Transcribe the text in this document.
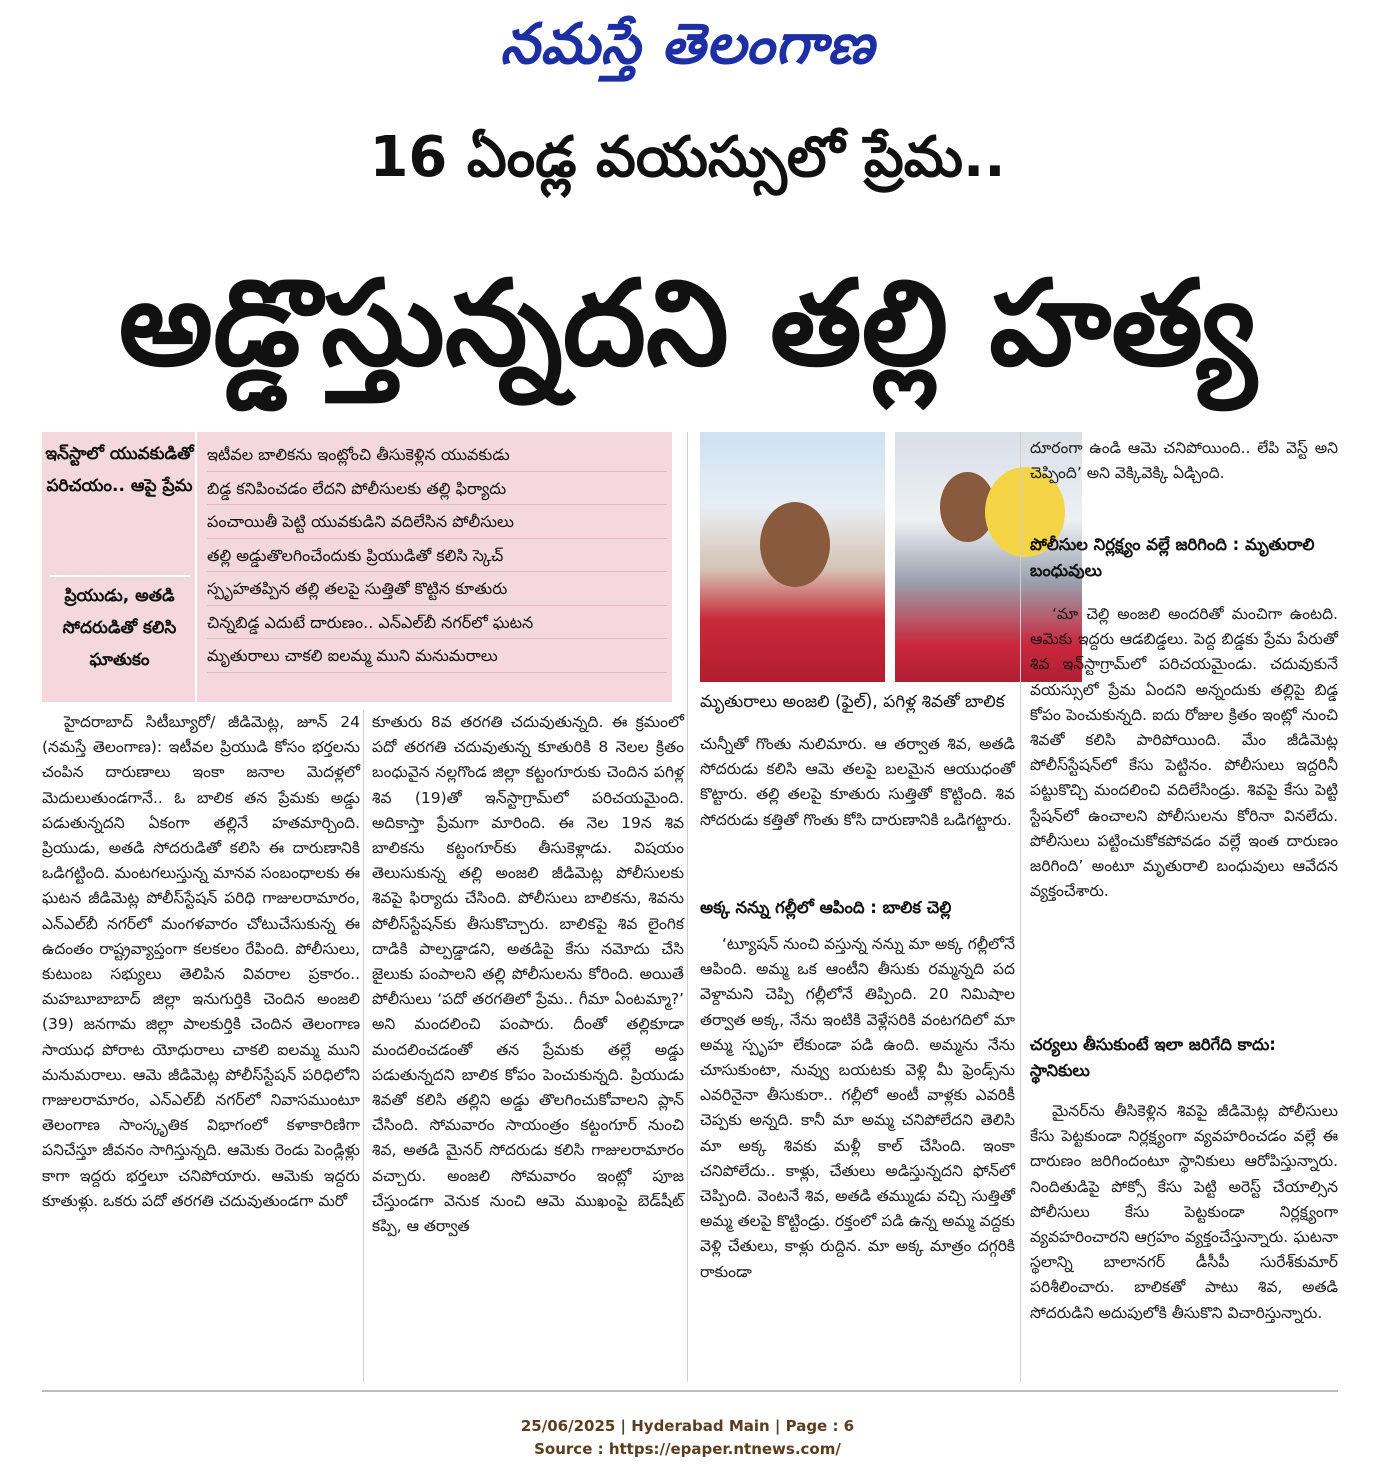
నమస్తే తెలంగాణ
16 ఏండ్ల వయస్సులో ప్రేమ..
అడ్డొస్తున్నదని తల్లి హత్య
ఇన్‌స్టాలో యువకుడితో పరిచయం.. ఆపై ప్రేమ
ప్రియుడు, అతడి సోదరుడితో కలిసి ఘాతుకం
ఇటీవల బాలికను ఇంట్లోంచి తీసుకెళ్లిన యువకుడు
బిడ్డ కనిపించడం లేదని పోలీసులకు తల్లి ఫిర్యాదు
పంచాయితీ పెట్టి యువకుడిని వదిలేసిన పోలీసులు
తల్లి అడ్డుతొలగించేందుకు ప్రియుడితో కలిసి స్కెచ్
స్పృహతప్పిన తల్లి తలపై సుత్తితో కొట్టిన కూతురు
చిన్నబిడ్డ ఎదుటే దారుణం.. ఎన్‌ఎల్‌బీ నగర్‌లో ఘటన
మృతురాలు చాకలి ఐలమ్మ ముని మనుమరాలు
మృతురాలు అంజలి (ఫైల్), పగిళ్ల శివతో బాలిక

హైదరాబాద్ సిటీబ్యూరో/ జీడిమెట్ల, జూన్ 24 (నమస్తే తెలంగాణ): ఇటీవల ప్రియుడి కోసం భర్తలను చంపిన దారుణాలు ఇంకా జనాల మెదళ్లలో మెదులుతుండగానే.. ఓ బాలిక తన ప్రేమకు అడ్డు పడుతున్నదని ఏకంగా తల్లినే హతమార్చింది. ప్రియుడు, అతడి సోదరుడితో కలిసి ఈ దారుణానికి ఒడిగట్టింది. మంటగలుస్తున్న మానవ సంబంధాలకు ఈ ఘటన జీడిమెట్ల పోలీస్‌స్టేషన్ పరిధి గాజులరామారం, ఎన్‌ఎల్‌బీ నగర్‌లో మంగళవారం చోటుచేసుకున్న ఈ ఉదంతం రాష్ట్రవ్యాప్తంగా కలకలం రేపింది. పోలీసులు, కుటుంబ సభ్యులు తెలిపిన వివరాల ప్రకారం.. మహబూబాబాద్ జిల్లా ఇనుగుర్తికి చెందిన అంజలి (39) జనగామ జిల్లా పాలకుర్తికి చెందిన తెలంగాణ సాయుధ పోరాట యోధురాలు చాకలి ఐలమ్మ ముని మనుమరాలు. ఆమె జీడిమెట్ల పోలీస్‌స్టేషన్ పరిధిలోని గాజులరామారం, ఎన్‌ఎల్‌బీ నగర్‌లో నివాసముంటూ తెలంగాణ సాంస్కృతిక విభాగంలో కళాకారిణిగా పనిచేస్తూ జీవనం సాగిస్తున్నది. ఆమెకు రెండు పెండ్లిళ్లు కాగా ఇద్దరు భర్తలూ చనిపోయారు. ఆమెకు ఇద్దరు కూతుళ్లు. ఒకరు పదో తరగతి చదువుతుండగా మరో

కూతురు 8వ తరగతి చదువుతున్నది. ఈ క్రమంలో పదో తరగతి చదువుతున్న కూతురికి 8 నెలల క్రితం బంధువైన నల్లగొండ జిల్లా కట్టంగూరుకు చెందిన పగిళ్ల శివ (19)తో ఇన్‌స్టాగ్రామ్‌లో పరిచయమైంది. అదికాస్తా ప్రేమగా మారింది. ఈ నెల 19న శివ బాలికను కట్టంగూర్‌కు తీసుకెళ్లాడు. విషయం తెలుసుకున్న తల్లి అంజలి జీడిమెట్ల పోలీసులకు శివపై ఫిర్యాదు చేసింది. పోలీసులు బాలికను, శివను పోలీస్‌స్టేషన్‌కు తీసుకొచ్చారు. బాలికపై శివ లైంగిక దాడికి పాల్పడ్డాడని, అతడిపై కేసు నమోదు చేసి జైలుకు పంపాలని తల్లి పోలీసులను కోరింది. అయితే పోలీసులు ‘పదో తరగతిలో ప్రేమ.. గీమా ఏంటమ్మా?’ అని మందలించి పంపారు. దీంతో తల్లికూడా మందలించడంతో తన ప్రేమకు తల్లే అడ్డు పడుతున్నదని బాలిక కోపం పెంచుకున్నది. ప్రియుడు శివతో కలిసి తల్లిని అడ్డు తొలగించుకోవాలని ప్లాన్ చేసింది. సోమవారం సాయంత్రం కట్టంగూర్ నుంచి శివ, అతడి మైనర్ సోదరుడు కలిసి గాజులరామారం వచ్చారు. అంజలి సోమవారం ఇంట్లో పూజ చేస్తుండగా వెనుక నుంచి ఆమె ముఖంపై బెడ్‌షీట్ కప్పి, ఆ తర్వాత

చున్నీతో గొంతు నులిమారు. ఆ తర్వాత శివ, అతడి సోదరుడు కలిసి ఆమె తలపై బలమైన ఆయుధంతో కొట్టారు. తల్లి తలపై కూతురు సుత్తితో కొట్టింది. శివ సోదరుడు కత్తితో గొంతు కోసి దారుణానికి ఒడిగట్టారు.

అక్క నన్ను గల్లీలో ఆపింది : బాలిక చెల్లి

‘ట్యూషన్ నుంచి వస్తున్న నన్ను మా అక్క గల్లీలోనే ఆపింది. అమ్మ ఒక ఆంటీని తీసుకు రమ్మన్నది పద వెళ్దామని చెప్పి గల్లీలోనే తిప్పింది. 20 నిమిషాల తర్వాత అక్క, నేను ఇంటికి వెళ్లేసరికి వంటగదిలో మా అమ్మ స్పృహ లేకుండా పడి ఉంది. అమ్మను నేను చూసుకుంటా, నువ్వు బయటకు వెళ్లి మీ ఫ్రెండ్స్‌ను ఎవరినైనా తీసుకురా.. గల్లీలో అంటీ వాళ్లకు ఎవరికీ చెప్పకు అన్నది. కానీ మా అమ్మ చనిపోలేదని తెలిసి మా అక్క శివకు మళ్లీ కాల్ చేసింది. ఇంకా చనిపోలేదు.. కాళ్లు, చేతులు అడిస్తున్నదని ఫోన్‌లో చెప్పింది. వెంటనే శివ, అతడి తమ్ముడు వచ్చి సుత్తితో అమ్మ తలపై కొట్టిండ్రు. రక్తంలో పడి ఉన్న అమ్మ వద్దకు వెళ్లి చేతులు, కాళ్లు రుద్దిన. మా అక్క మాత్రం దగ్గరికి రాకుండా

దూరంగా ఉండి ఆమె చనిపోయింది.. లేపి వెస్ట్ అని చెప్పింది’ అని వెక్కివెక్కి ఏడ్చింది.

పోలీసుల నిర్లక్ష్యం వల్లే జరిగింది : మృతురాలి బంధువులు

‘మా చెల్లి అంజలి అందరితో మంచిగా ఉంటది. ఆమెకు ఇద్దరు ఆడబిడ్డలు. పెద్ద బిడ్డకు ప్రేమ పేరుతో శివ ఇన్‌స్టాగ్రామ్‌లో పరిచయమైండు. చదువుకునే వయస్సులో ప్రేమ ఏందని అన్నందుకు తల్లిపై బిడ్డ కోపం పెంచుకున్నది. ఐదు రోజుల క్రితం ఇంట్లో నుంచి శివతో కలిసి పారిపోయింది. మేం జీడిమెట్ల పోలీస్‌స్టేషన్‌లో కేసు పెట్టినం. పోలీసులు ఇద్దరినీ పట్టుకొచ్చి మందలించి వదిలేసిండ్రు. శివపై కేసు పెట్టి స్టేషన్‌లో ఉంచాలని పోలీసులను కోరినా వినలేదు. పోలీసులు పట్టించుకోకపోవడం వల్లే ఇంత దారుణం జరిగింది’ అంటూ మృతురాలి బంధువులు ఆవేదన వ్యక్తంచేశారు.

చర్యలు తీసుకుంటే ఇలా జరిగేది కాదు: స్థానికులు

మైనర్‌ను తీసికెళ్లిన శివపై జీడిమెట్ల పోలీసులు కేసు పెట్టకుండా నిర్లక్ష్యంగా వ్యవహరించడం వల్లే ఈ దారుణం జరిగిందంటూ స్థానికులు ఆరోపిస్తున్నారు. నిందితుడిపై పోక్సో కేసు పెట్టి అరెస్ట్ చేయాల్సిన పోలీసులు కేసు పెట్టకుండా నిర్లక్ష్యంగా వ్యవహరించారని ఆగ్రహం వ్యక్తంచేస్తున్నారు. ఘటనా స్థలాన్ని బాలానగర్ డీసీపీ సురేశ్‌కుమార్ పరిశీలించారు. బాలికతో పాటు శివ, అతడి సోదరుడిని అదుపులోకి తీసుకొని విచారిస్తున్నారు.

25/06/2025 | Hyderabad Main | Page : 6
Source : https://epaper.ntnews.com/
